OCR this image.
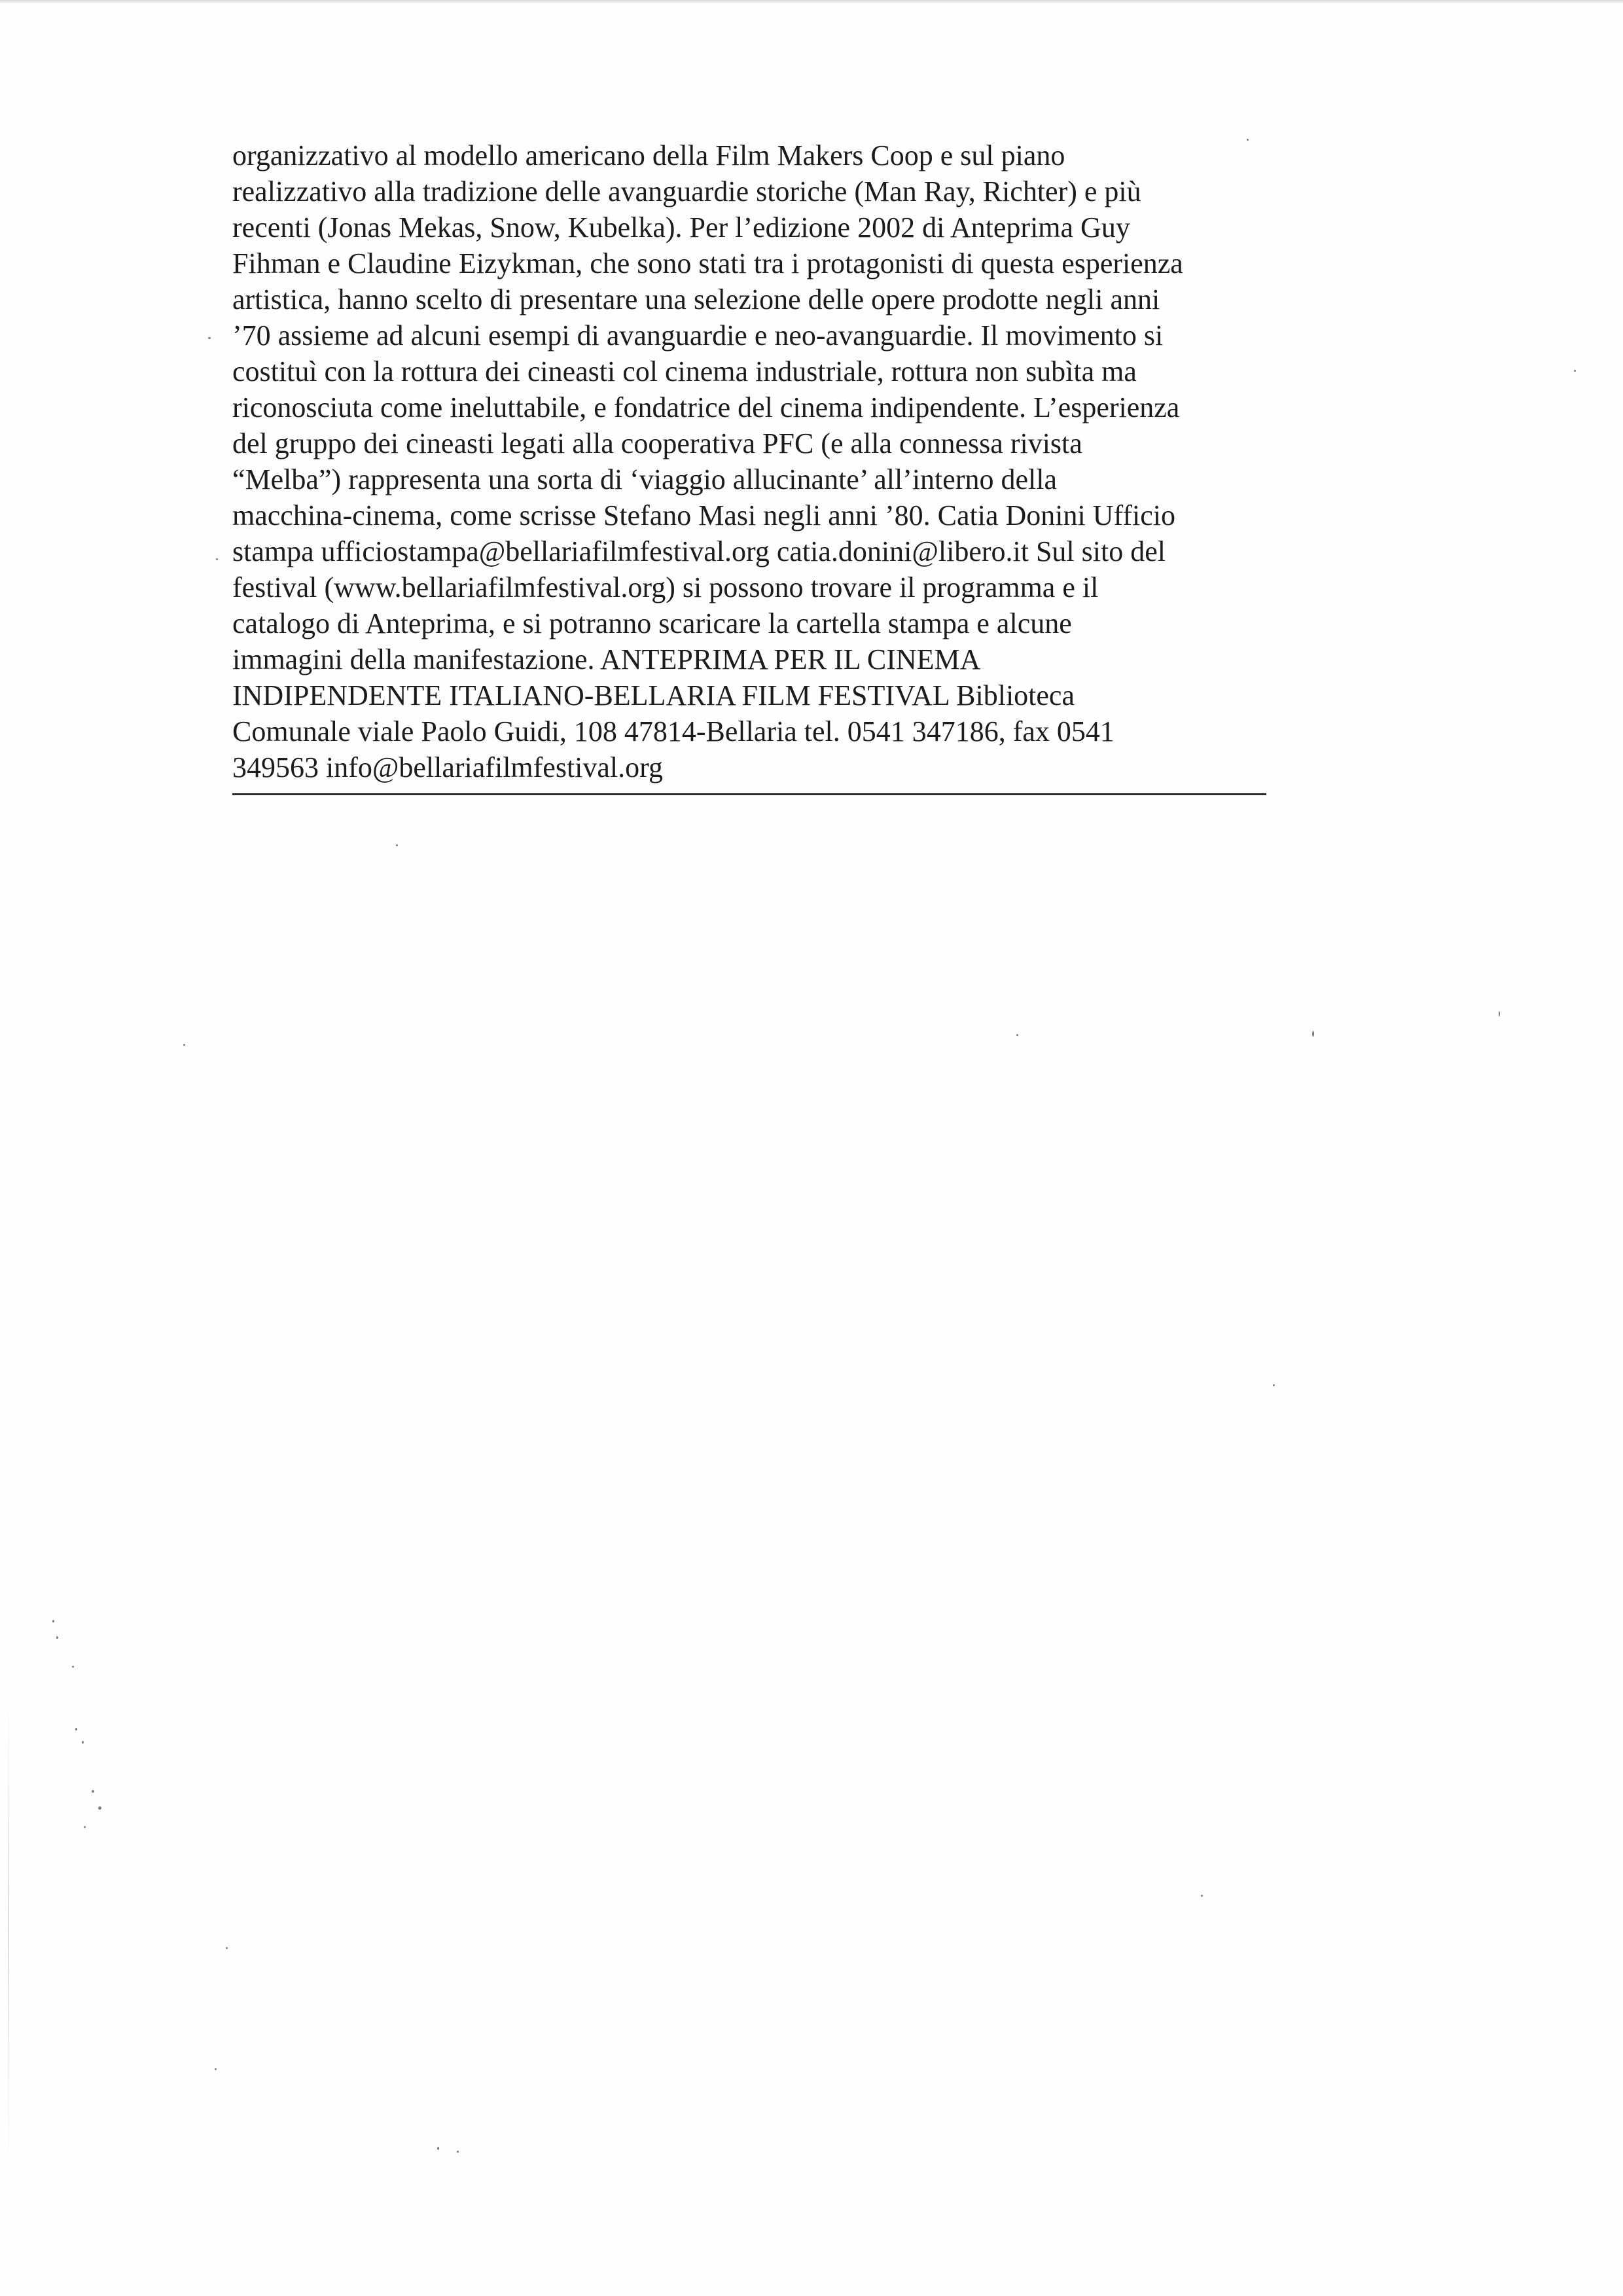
organizzativo al modello americano della Film Makers Coop e sul piano
realizzativo alla tradizione delle avanguardie storiche (Man Ray, Richter) e più
recenti (Jonas Mekas, Snow, Kubelka). Per l’edizione 2002 di Anteprima Guy
Fihman e Claudine Eizykman, che sono stati tra i protagonisti di questa esperienza
artistica, hanno scelto di presentare una selezione delle opere prodotte negli anni
’70 assieme ad alcuni esempi di avanguardie e neo-avanguardie. Il movimento si
costituì con la rottura dei cineasti col cinema industriale, rottura non subìta ma
riconosciuta come ineluttabile, e fondatrice del cinema indipendente. L’esperienza
del gruppo dei cineasti legati alla cooperativa PFC (e alla connessa rivista
“Melba”) rappresenta una sorta di ‘viaggio allucinante’ all’interno della
macchina-cinema, come scrisse Stefano Masi negli anni ’80. Catia Donini Ufficio
stampa ufficiostampa@bellariafilmfestival.org catia.donini@libero.it Sul sito del
festival (www.bellariafilmfestival.org) si possono trovare il programma e il
catalogo di Anteprima, e si potranno scaricare la cartella stampa e alcune
immagini della manifestazione. ANTEPRIMA PER IL CINEMA
INDIPENDENTE ITALIANO-BELLARIA FILM FESTIVAL Biblioteca
Comunale viale Paolo Guidi, 108 47814-Bellaria tel. 0541 347186, fax 0541
349563 info@bellariafilmfestival.org
